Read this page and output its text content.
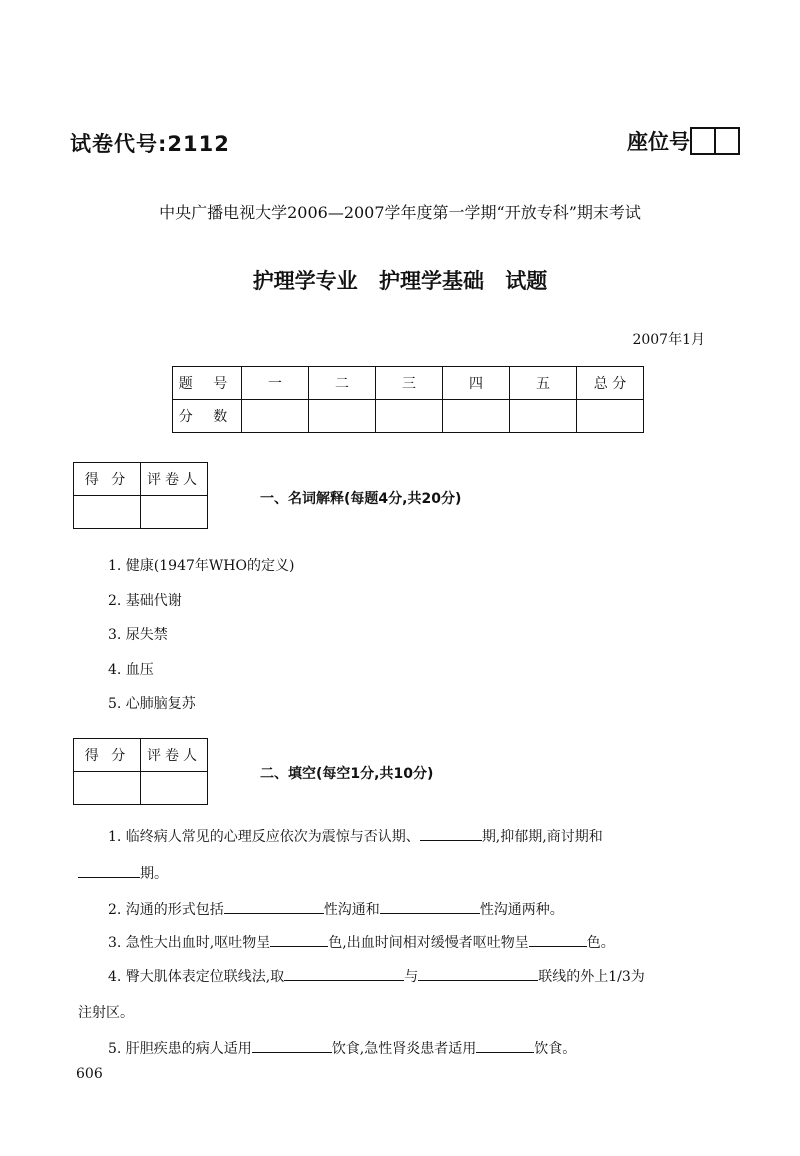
试卷代号:2112	座位号
中央广播电视大学2006—2007学年度第一学期“开放专科”期末考试
护理学专业 护理学基础 试题
2007年1月
题 号	一	二	三	四	五	总 分
分 数						
得 分	评卷人

一、名词解释(每题4分,共20分)
1. 健康(1947年WHO的定义)
2. 基础代谢
3. 尿失禁
4. 血压
5. 心肺脑复苏
得 分	评卷人

二、填空(每空1分,共10分)
1. 临终病人常见的心理反应依次为震惊与否认期、	期,抑郁期,商讨期和
期。
2. 沟通的形式包括	性沟通和	性沟通两种。
3. 急性大出血时,呕吐物呈	色,出血时间相对缓慢者呕吐物呈	色。
4. 臀大肌体表定位联线法,取	与	联线的外上1/3为
注射区。
5. 肝胆疾患的病人适用	饮食,急性肾炎患者适用	饮食。
606
